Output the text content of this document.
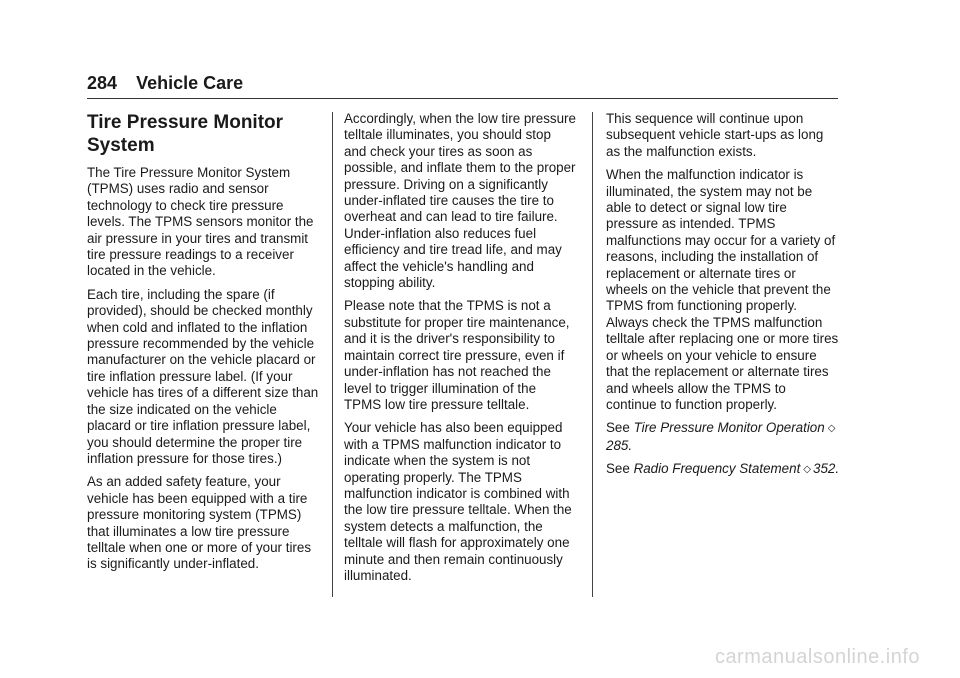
284 Vehicle Care
Tire Pressure Monitor
System

The Tire Pressure Monitor System (TPMS) uses radio and sensor technology to check tire pressure levels. The TPMS sensors monitor the air pressure in your tires and transmit tire pressure readings to a receiver located in the vehicle.

Each tire, including the spare (if provided), should be checked monthly when cold and inflated to the inflation pressure recommended by the vehicle manufacturer on the vehicle placard or tire inflation pressure label. (If your vehicle has tires of a different size than the size indicated on the vehicle placard or tire inflation pressure label, you should determine the proper tire inflation pressure for those tires.)

As an added safety feature, your vehicle has been equipped with a tire pressure monitoring system (TPMS) that illuminates a low tire pressure telltale when one or more of your tires is significantly under-inflated.

Accordingly, when the low tire pressure telltale illuminates, you should stop and check your tires as soon as possible, and inflate them to the proper pressure. Driving on a significantly under-inflated tire causes the tire to overheat and can lead to tire failure. Under-inflation also reduces fuel efficiency and tire tread life, and may affect the vehicle's handling and stopping ability.

Please note that the TPMS is not a substitute for proper tire maintenance, and it is the driver's responsibility to maintain correct tire pressure, even if under-inflation has not reached the level to trigger illumination of the TPMS low tire pressure telltale.

Your vehicle has also been equipped with a TPMS malfunction indicator to indicate when the system is not operating properly. The TPMS malfunction indicator is combined with the low tire pressure telltale. When the system detects a malfunction, the telltale will flash for approximately one minute and then remain continuously illuminated.

This sequence will continue upon subsequent vehicle start-ups as long as the malfunction exists.

When the malfunction indicator is illuminated, the system may not be able to detect or signal low tire pressure as intended. TPMS malfunctions may occur for a variety of reasons, including the installation of replacement or alternate tires or wheels on the vehicle that prevent the TPMS from functioning properly. Always check the TPMS malfunction telltale after replacing one or more tires or wheels on your vehicle to ensure that the replacement or alternate tires and wheels allow the TPMS to continue to function properly.

See Tire Pressure Monitor Operation ◇285.

See Radio Frequency Statement ◇ 352.

carmanualsonline.info
